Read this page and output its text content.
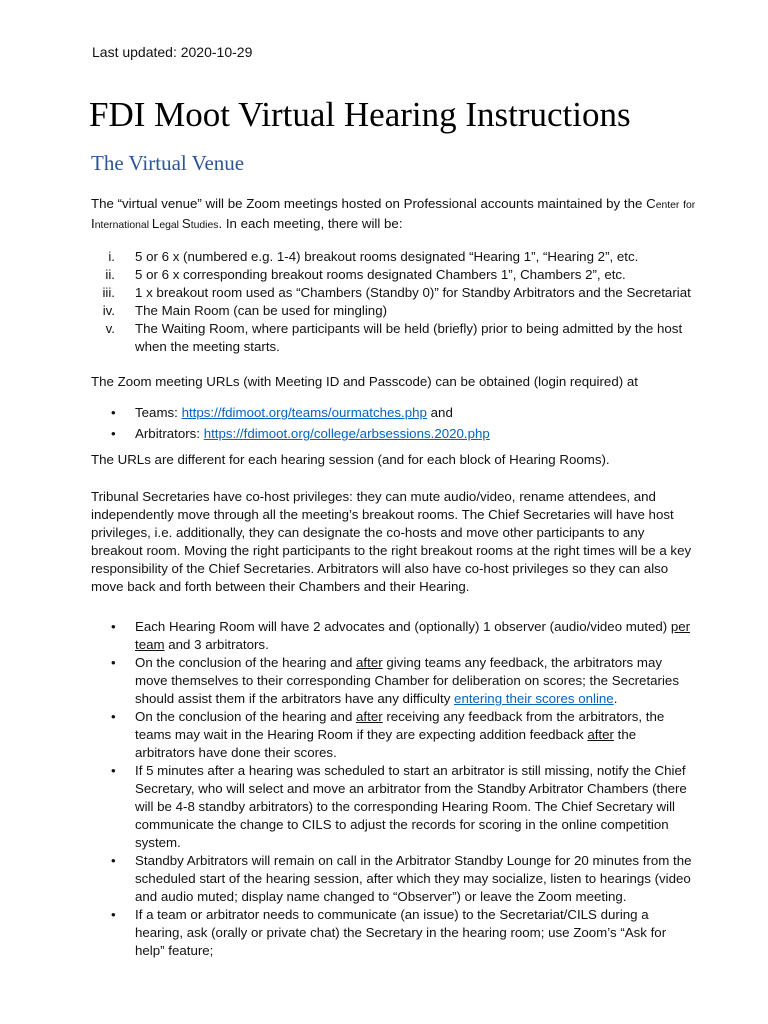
Last updated: 2020-10-29
FDI Moot Virtual Hearing Instructions
The Virtual Venue
The “virtual venue” will be Zoom meetings hosted on Professional accounts maintained by the Center for International Legal Studies. In each meeting, there will be:
i. 5 or 6 x (numbered e.g. 1-4) breakout rooms designated “Hearing 1”, “Hearing 2”, etc.
ii. 5 or 6 x corresponding breakout rooms designated Chambers 1”, Chambers 2”, etc.
iii. 1 x breakout room used as “Chambers (Standby 0)” for Standby Arbitrators and the Secretariat
iv. The Main Room (can be used for mingling)
v. The Waiting Room, where participants will be held (briefly) prior to being admitted by the host when the meeting starts.
The Zoom meeting URLs (with Meeting ID and Passcode) can be obtained (login required) at
• Teams: https://fdimoot.org/teams/ourmatches.php and
• Arbitrators: https://fdimoot.org/college/arbsessions.2020.php
The URLs are different for each hearing session (and for each block of Hearing Rooms).
Tribunal Secretaries have co-host privileges: they can mute audio/video, rename attendees, and independently move through all the meeting’s breakout rooms. The Chief Secretaries will have host privileges, i.e. additionally, they can designate the co-hosts and move other participants to any breakout room. Moving the right participants to the right breakout rooms at the right times will be a key responsibility of the Chief Secretaries. Arbitrators will also have co-host privileges so they can also move back and forth between their Chambers and their Hearing.
• Each Hearing Room will have 2 advocates and (optionally) 1 observer (audio/video muted) per team and 3 arbitrators.
• On the conclusion of the hearing and after giving teams any feedback, the arbitrators may move themselves to their corresponding Chamber for deliberation on scores; the Secretaries should assist them if the arbitrators have any difficulty entering their scores online.
• On the conclusion of the hearing and after receiving any feedback from the arbitrators, the teams may wait in the Hearing Room if they are expecting addition feedback after the arbitrators have done their scores.
• If 5 minutes after a hearing was scheduled to start an arbitrator is still missing, notify the Chief Secretary, who will select and move an arbitrator from the Standby Arbitrator Chambers (there will be 4-8 standby arbitrators) to the corresponding Hearing Room. The Chief Secretary will communicate the change to CILS to adjust the records for scoring in the online competition system.
• Standby Arbitrators will remain on call in the Arbitrator Standby Lounge for 20 minutes from the scheduled start of the hearing session, after which they may socialize, listen to hearings (video and audio muted; display name changed to “Observer”) or leave the Zoom meeting.
• If a team or arbitrator needs to communicate (an issue) to the Secretariat/CILS during a hearing, ask (orally or private chat) the Secretary in the hearing room; use Zoom’s “Ask for help” feature;
